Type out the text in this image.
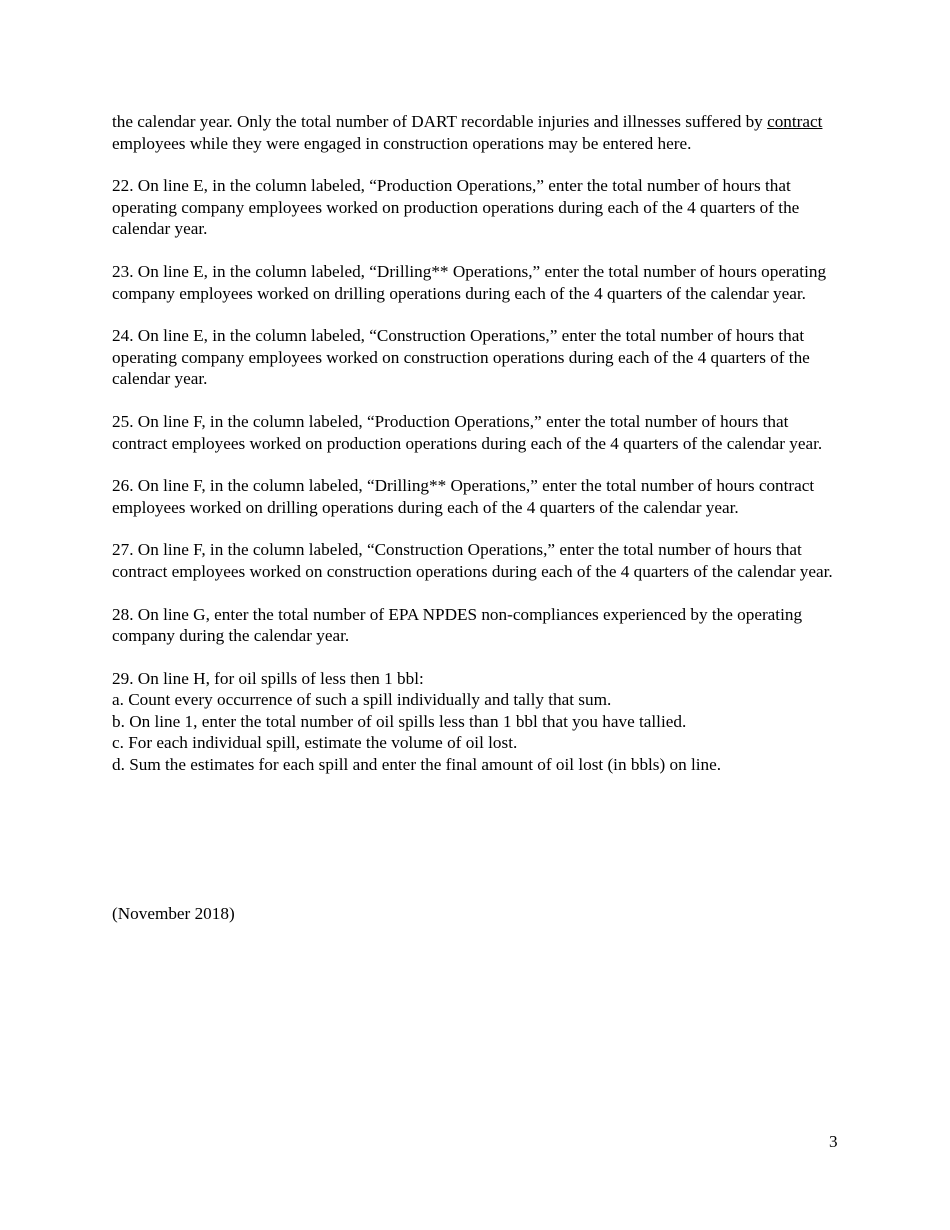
the calendar year. Only the total number of DART recordable injuries and illnesses suffered by contract employees while they were engaged in construction operations may be entered here.

22. On line E, in the column labeled, “Production Operations,” enter the total number of hours that operating company employees worked on production operations during each of the 4 quarters of the calendar year.

23. On line E, in the column labeled, “Drilling** Operations,” enter the total number of hours operating company employees worked on drilling operations during each of the 4 quarters of the calendar year.

24. On line E, in the column labeled, “Construction Operations,” enter the total number of hours that operating company employees worked on construction operations during each of the 4 quarters of the calendar year.

25. On line F, in the column labeled, “Production Operations,” enter the total number of hours that contract employees worked on production operations during each of the 4 quarters of the calendar year.

26. On line F, in the column labeled, “Drilling** Operations,” enter the total number of hours contract employees worked on drilling operations during each of the 4 quarters of the calendar year.

27. On line F, in the column labeled, “Construction Operations,” enter the total number of hours that contract employees worked on construction operations during each of the 4 quarters of the calendar year.

28. On line G, enter the total number of EPA NPDES non-compliances experienced by the operating company during the calendar year.

29. On line H, for oil spills of less then 1 bbl:

a. Count every occurrence of such a spill individually and tally that sum.

b. On line 1, enter the total number of oil spills less than 1 bbl that you have tallied.

c. For each individual spill, estimate the volume of oil lost.

d. Sum the estimates for each spill and enter the final amount of oil lost (in bbls) on line.

(November 2018)
3
